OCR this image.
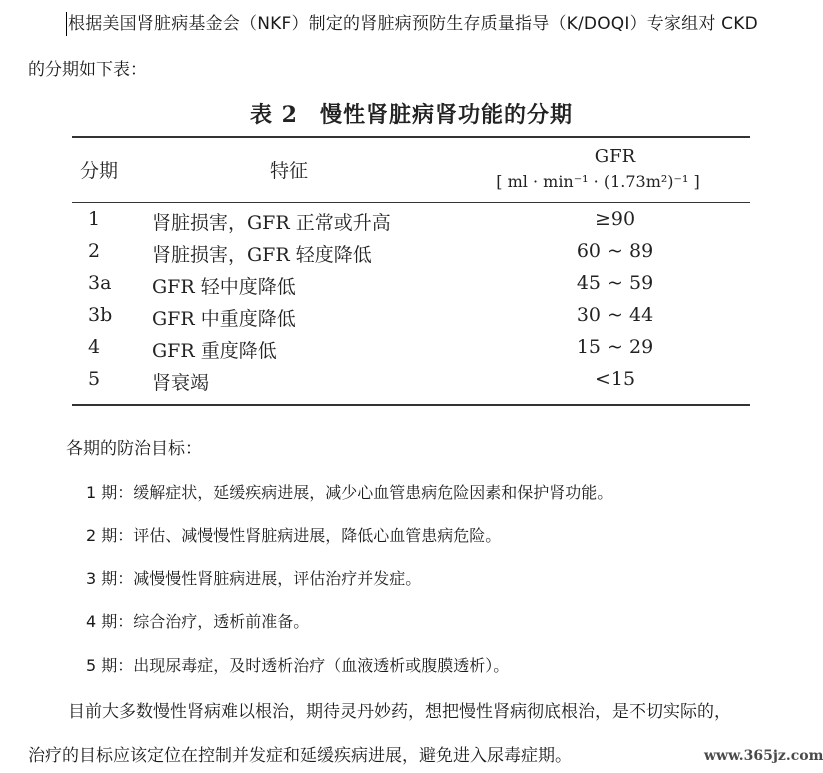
根据美国肾脏病基金会（NKF）制定的肾脏病预防生存质量指导（K/DOQI）专家组对 CKD
的分期如下表：
表 2 慢性肾脏病肾功能的分期
分期	特征
GFR
[ ml · min⁻¹ · (1.73m²)⁻¹ ]
1	肾脏损害，GFR 正常或升高	≥90
2	肾脏损害，GFR 轻度降低	60 ~ 89
3a GFR 轻中度降低	45 ~ 59
3b GFR 中重度降低	30 ~ 44
4	GFR 重度降低	15 ~ 29
5	肾衰竭	<15
各期的防治目标：
1 期：缓解症状，延缓疾病进展，减少心血管患病危险因素和保护肾功能。
2 期：评估、减慢慢性肾脏病进展，降低心血管患病危险。
3 期：减慢慢性肾脏病进展，评估治疗并发症。
4 期：综合治疗，透析前准备。
5 期：出现尿毒症，及时透析治疗（血液透析或腹膜透析）。
目前大多数慢性肾病难以根治，期待灵丹妙药，想把慢性肾病彻底根治，是不切实际的，
治疗的目标应该定位在控制并发症和延缓疾病进展，避免进入尿毒症期。	www.365jz.com
